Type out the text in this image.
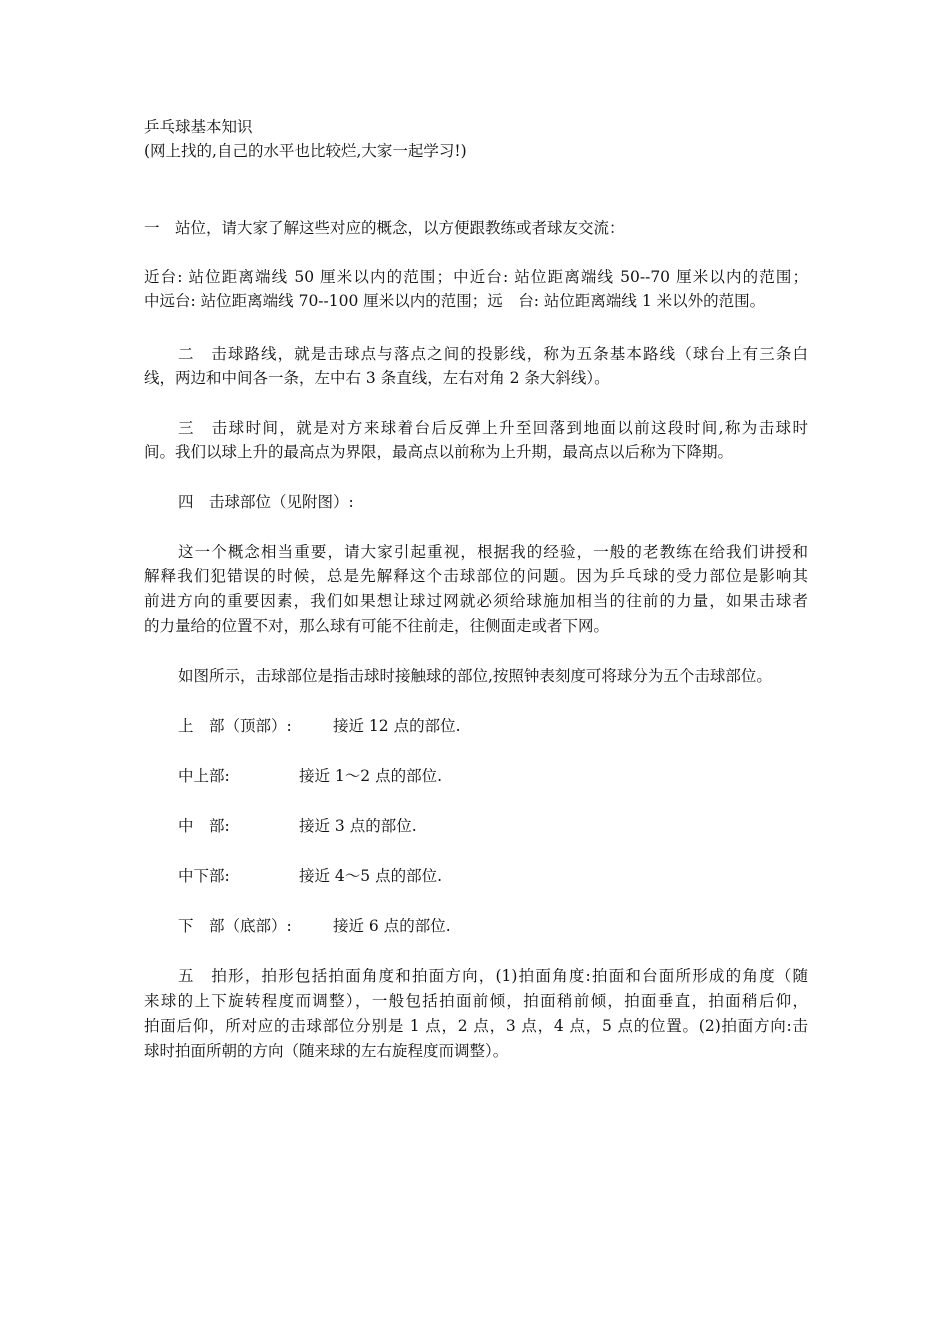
乒乓球基本知识
(网上找的,自己的水平也比较烂,大家一起学习!)
一　站位，请大家了解这些对应的概念，以方便跟教练或者球友交流：
近台: 站位距离端线 50 厘米以内的范围；中近台: 站位距离端线 50--70 厘米以内的范围；
中远台: 站位距离端线 70--100 厘米以内的范围；远　台: 站位距离端线 1 米以外的范围。
二　击球路线，就是击球点与落点之间的投影线，称为五条基本路线（球台上有三条白
线，两边和中间各一条，左中右 3 条直线，左右对角 2 条大斜线）。
三　击球时间，就是对方来球着台后反弹上升至回落到地面以前这段时间,称为击球时
间。我们以球上升的最高点为界限，最高点以前称为上升期，最高点以后称为下降期。
四　击球部位（见附图）:
这一个概念相当重要，请大家引起重视，根据我的经验，一般的老教练在给我们讲授和
解释我们犯错误的时候，总是先解释这个击球部位的问题。因为乒乓球的受力部位是影响其
前进方向的重要因素，我们如果想让球过网就必须给球施加相当的往前的力量，如果击球者
的力量给的位置不对，那么球有可能不往前走，往侧面走或者下网。
如图所示，击球部位是指击球时接触球的部位,按照钟表刻度可将球分为五个击球部位。
上　部（顶部）:	接近 12 点的部位.
中上部:	接近 1～2 点的部位.
中　部:	接近 3 点的部位.
中下部:	接近 4～5 点的部位.
下　部（底部）:	接近 6 点的部位.
五　拍形，拍形包括拍面角度和拍面方向，(1)拍面角度:拍面和台面所形成的角度（随
来球的上下旋转程度而调整），一般包括拍面前倾，拍面稍前倾，拍面垂直，拍面稍后仰，
拍面后仰，所对应的击球部位分别是 1 点，2 点，3 点，4 点，5 点的位置。(2)拍面方向:击
球时拍面所朝的方向（随来球的左右旋程度而调整）。
